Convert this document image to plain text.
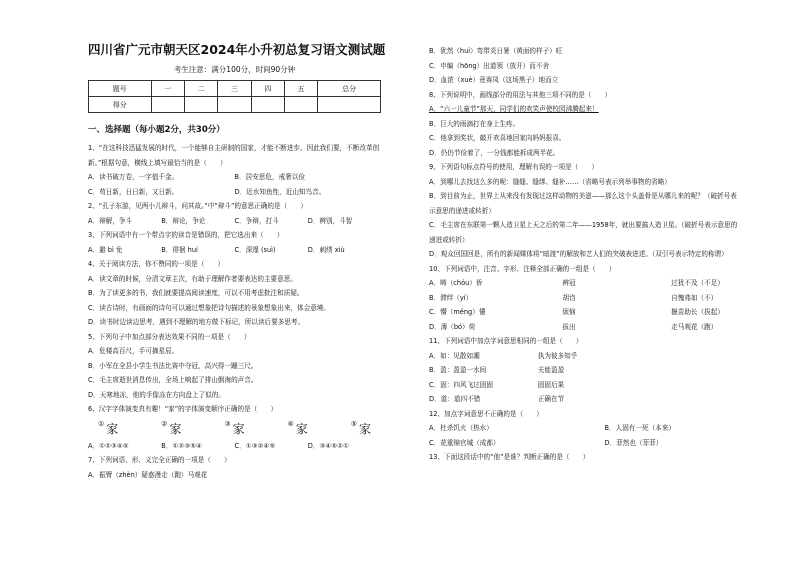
四川省广元市朝天区2024年小升初总复习语文测试题
考生注意：满分100分，时间90分钟
题号	一	二	三	四	五	总分
得分						
一、选择题（每小题2分，共30分）
1、“在这科技迅猛发展的时代，一个能够自主研制的国家，才能不断进步。因此我们要，不断改革创
新。”根据句意，横线上填写最恰当的是（　　）
A．读书破万卷，一字值千金。	B．居安思危，戒奢以俭
C．苟日新，日日新，又日新。	D．近水知鱼性，近山知鸟音。
2、“孔子东游，见两小儿辩斗，问其故。”中“辩斗”的意思正确的是（　　）
A．辩解，争斗	B．辩论，争论	C．争辩，打斗	D．辨别，斗智
3、下列词语中有一个带点字的读音是错误的，把它选出来（　　）
A．避 bì 免	B．徘徊 huí	C．深邃 (suì)	D．刺绣 xiù
4、关于阅读方法，你不赞同的一项是（　　）
A．读文章的时候，分清文章主次，有助于理解作者要表达的主要意思。
B．为了读更多的书，我们就要提高阅读速度，可以不用考虑批注和质疑。
C．读古诗时，有画面的诗句可以通过想象把诗句描述的景象想象出来，体会意境。
D．读书时边读边思考，遇到不理解的地方做下标记，所以读后要多思考。
5、下列句子中加点部分表达效果不同的一项是（　　）
A．危楼高百尺，手可摘星辰。
B．小军在全县小学生书法比赛中夺冠，高兴得一蹦三尺。
C．毛主席逝世消息传出，全场上响起了排山倒海的声音。
D．天寒地冻，他的手像冻在方向盘上了似的。
6、汉字字体演变真有趣！“家”的字体演变顺序正确的是（　　）
① 家	② 家	③ 家	④ 家	⑤ 家
A．①②③④⑤	B．①②③⑤④	C．①③②④⑤	D．③④⑤②①
7、下列词语、形、义完全正确的一项是（　　）
A．振臂（zhèn）疑惑漫走（跑）马观花
B．犹然（huì）弯带炎日暑（黄面的样子）旺
C．申编（hōng）出道领（放开）而不舍
D．血浓（xuè）竟赛凤（这场黑子）地而立
8、下列说明中，画线部分的用法与其他三项不同的是（　　）
A．“六一儿童节”那天，同学们的欢笑声使校园沸腾起来！
B．巨大的雨滴打在身上生疼。
C．他拿到奖状，敲开欢喜地回家向妈妈报喜。
D．仍仍节俭着了，一分钱都能拆成两半花。
9、下列语句标点符号的使用，理解有误的一项是（　　）
A．到哪儿去找这么多的呢：缝缝、缝绑、缝补……（省略号表示列举事物的省略）
B．到目前为止，世界上从来没有发现过这样动物的美滋——那么这个头盖骨是从哪儿来的呢？（破折号表
示意思的递进或转折）
C．毛主席在东联第一颗人造卫星上天之后的第二年——1958年，就出要搞人造卫星。（破折号表示意思的
递进或转折）
D．观众回国回是，所有的新闻媒体将“暗渡”的解放和艺人们的突破表进述。（双引号表示特定的称谓）
10、下列词语中，注音、字形、注释全部正确的一组是（　　）
A．畴（chóu）侨	辨冠	过犹不及（不足）
B．滞绊（yí）	胡诌	自愧弗如（不）
C．懵（měng）懂	烦恼	揠苗助长（拔起）
D．薄（bó）荷	拔出	走马观花（跑）
11、下列词语中加点字词意思相同的一组是（　　）
A．如：见散如潮	执为彼多知乎
B．盈：盈盈一水间	关能盈盈
C．固：四风飞过固固	固固后果
D．道：道四不错	正确在节
12、加点字词意思不正确的是（　　）
A．杜杀饥火（热水）	B．人固有一死（本来）
C．花重锦官城（成都）	D．菲然也（菲菲）
13、下面这段话中的“他”是谁？判断正确的是（　　）
